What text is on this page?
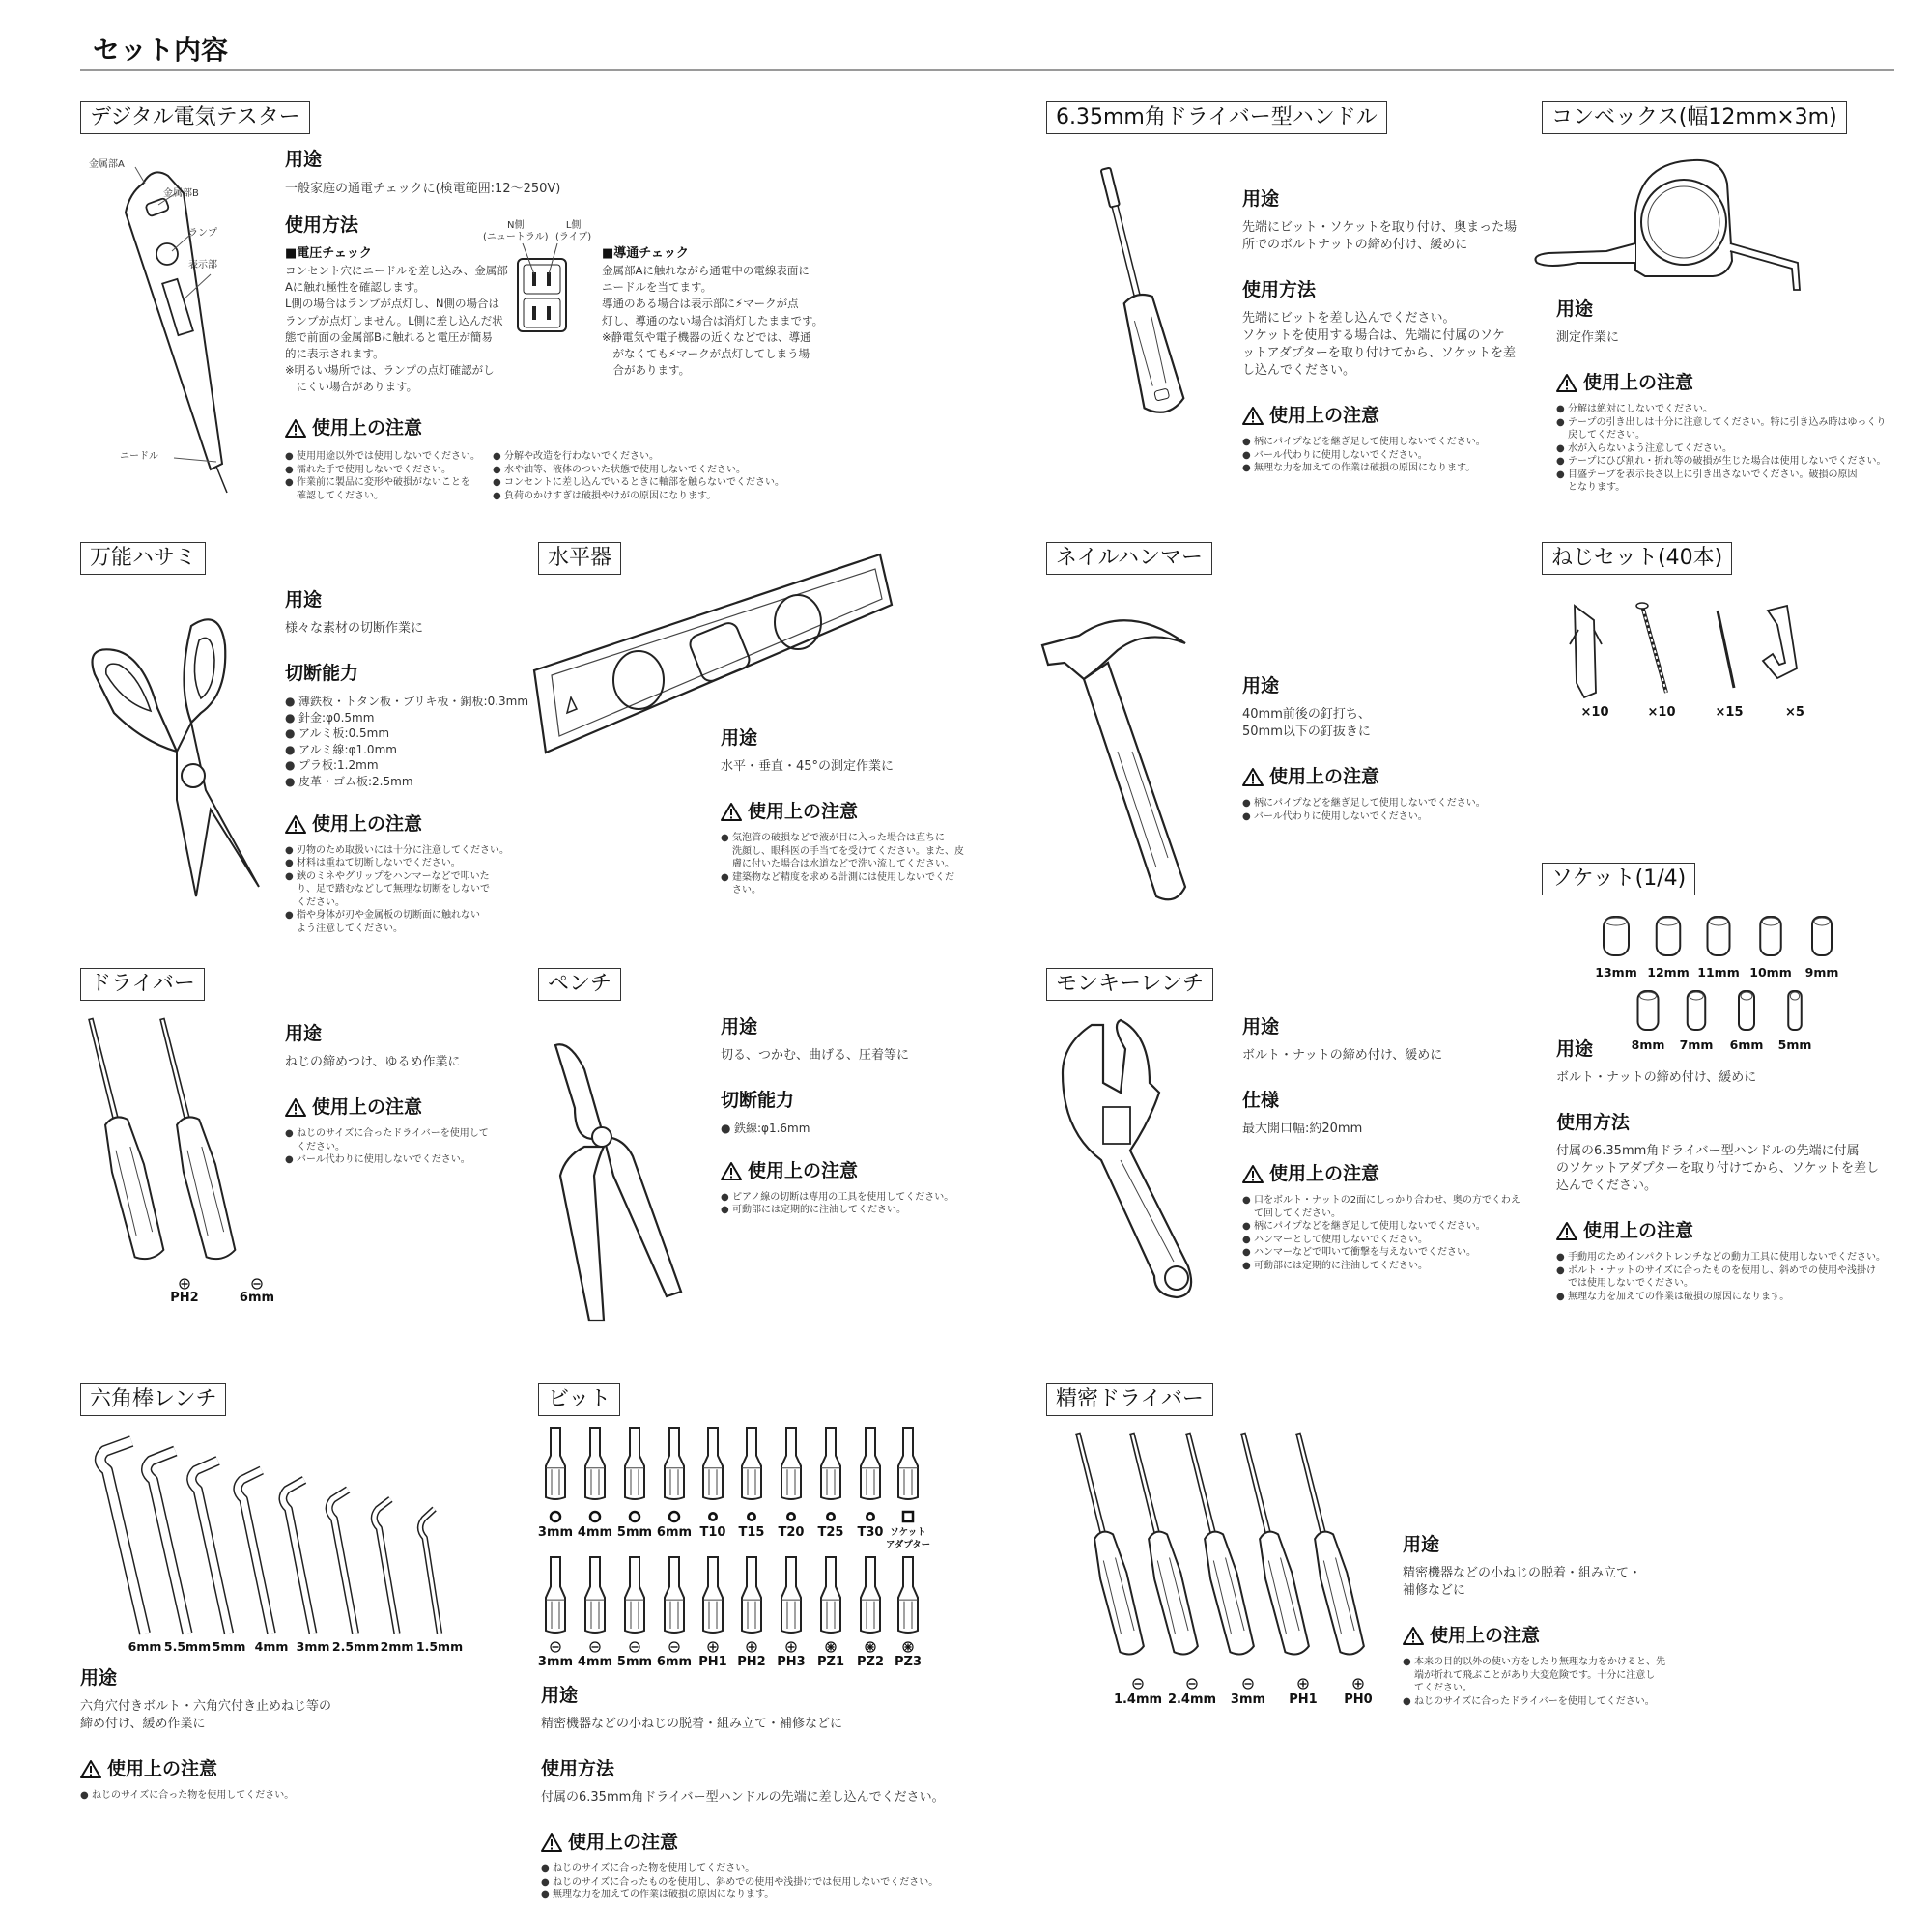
セット内容
デジタル電気テスター
金属部A
金属部B
ランプ
表示部
ニードル
用途
一般家庭の通電チェックに(検電範囲:12〜250V)
使用方法
■電圧チェック
コンセント穴にニードルを差し込み、金属部
Aに触れ極性を確認します。
L側の場合はランプが点灯し、N側の場合は
ランプが点灯しません。L側に差し込んだ状
態で前面の金属部Bに触れると電圧が簡易
的に表示されます。
※明るい場所では、ランプの点灯確認がし
　にくい場合があります。
N側
(ニュートラル)
L側
(ライブ)
■導通チェック
金属部Aに触れながら通電中の電線表面に
ニードルを当てます。
導通のある場合は表示部に⚡マークが点
灯し、導通のない場合は消灯したままです。
※静電気や電子機器の近くなどでは、導通
　がなくても⚡マークが点灯してしまう場
　合があります。
使用上の注意
● 使用用途以外では使用しないでください。
● 濡れた手で使用しないでください。
● 作業前に製品に変形や破損がないことを
確認してください。
● 分解や改造を行わないでください。
● 水や油等、液体のついた状態で使用しないでください。
● コンセントに差し込んでいるときに軸部を触らないでください。
● 負荷のかけすぎは破損やけがの原因になります。
6.35mm角ドライバー型ハンドル
用途
先端にビット・ソケットを取り付け、奥まった場
所でのボルトナットの締め付け、緩めに
使用方法
先端にビットを差し込んでください。
ソケットを使用する場合は、先端に付属のソケ
ットアダプターを取り付けてから、ソケットを差
し込んでください。
使用上の注意
● 柄にパイプなどを継ぎ足して使用しないでください。
● バール代わりに使用しないでください。
● 無理な力を加えての作業は破損の原因になります。
コンベックス(幅12mm×3m)
用途
測定作業に
使用上の注意
● 分解は絶対にしないでください。
● テープの引き出しは十分に注意してください。特に引き込み時はゆっくり
戻してください。
● 水が入らないよう注意してください。
● テープにひび割れ・折れ等の破損が生じた場合は使用しないでください。
● 目盛テープを表示長さ以上に引き出さないでください。破損の原因
となります。
万能ハサミ
用途
様々な素材の切断作業に
切断能力
● 薄鉄板・トタン板・ブリキ板・銅板:0.3mm
● 針金:φ0.5mm
● アルミ板:0.5mm
● アルミ線:φ1.0mm
● プラ板:1.2mm
● 皮革・ゴム板:2.5mm
使用上の注意
● 刃物のため取扱いには十分に注意してください。
● 材料は重ねて切断しないでください。
● 鋏のミネやグリップをハンマーなどで叩いた
り、足で踏むなどして無理な切断をしないで
ください。
● 指や身体が刃や金属板の切断面に触れない
よう注意してください。
水平器
用途
水平・垂直・45°の測定作業に
使用上の注意
● 気泡管の破損などで液が目に入った場合は直ちに
洗顔し、眼科医の手当てを受けてください。また、皮
膚に付いた場合は水道などで洗い流してください。
● 建築物など精度を求める計測には使用しないでくだ
さい。
ネイルハンマー
用途
40mm前後の釘打ち、
50mm以下の釘抜きに
使用上の注意
● 柄にパイプなどを継ぎ足して使用しないでください。
● バール代わりに使用しないでください。
ねじセット(40本)
ソケット(1/4)
用途
ボルト・ナットの締め付け、緩めに
使用方法
付属の6.35mm角ドライバー型ハンドルの先端に付属
のソケットアダプターを取り付けてから、ソケットを差し
込んでください。
使用上の注意
● 手動用のためインパクトレンチなどの動力工具に使用しないでください。
● ボルト・ナットのサイズに合ったものを使用し、斜めでの使用や浅掛け
では使用しないでください。
● 無理な力を加えての作業は破損の原因になります。
ドライバー
用途
ねじの締めつけ、ゆるめ作業に
使用上の注意
● ねじのサイズに合ったドライバーを使用して
ください。
● バール代わりに使用しないでください。
ペンチ
用途
切る、つかむ、曲げる、圧着等に
切断能力
● 鉄線:φ1.6mm
使用上の注意
● ピアノ線の切断は専用の工具を使用してください。
● 可動部には定期的に注油してください。
モンキーレンチ
用途
ボルト・ナットの締め付け、緩めに
仕様
最大開口幅:約20mm
使用上の注意
● 口をボルト・ナットの2面にしっかり合わせ、奥の方でくわえ
て回してください。
● 柄にパイプなどを継ぎ足して使用しないでください。
● ハンマーとして使用しないでください。
● ハンマーなどで叩いて衝撃を与えないでください。
● 可動部には定期的に注油してください。
六角棒レンチ
用途
六角穴付きボルト・六角穴付き止めねじ等の
締め付け、緩め作業に
使用上の注意
● ねじのサイズに合った物を使用してください。
ビット
用途
精密機器などの小ねじの脱着・組み立て・補修などに
使用方法
付属の6.35mm角ドライバー型ハンドルの先端に差し込んでください。
使用上の注意
● ねじのサイズに合った物を使用してください。
● ねじのサイズに合ったものを使用し、斜めでの使用や浅掛けでは使用しないでください。
● 無理な力を加えての作業は破損の原因になります。
精密ドライバー
用途
精密機器などの小ねじの脱着・組み立て・
補修などに
使用上の注意
● 本来の目的以外の使い方をしたり無理な力をかけると、先
端が折れて飛ぶことがあり大変危険です。十分に注意し
てください。
● ねじのサイズに合ったドライバーを使用してください。
PH2	6mm
1.4mm 2.4mm 3mm PH1 PH0
6mm 5.5mm 5mm 4mm 3mm 2.5mm 2mm 1.5mm
3mm 4mm 5mm 6mm T10 T15 T20 T25 T30 ソケット
アダプター
3mm 4mm 5mm 6mm PH1 PH2 PH3 PZ1 PZ2 PZ3
13mm 12mm 11mm 10mm 9mm
8mm 7mm 6mm 5mm
×10	×10	×15	×5
